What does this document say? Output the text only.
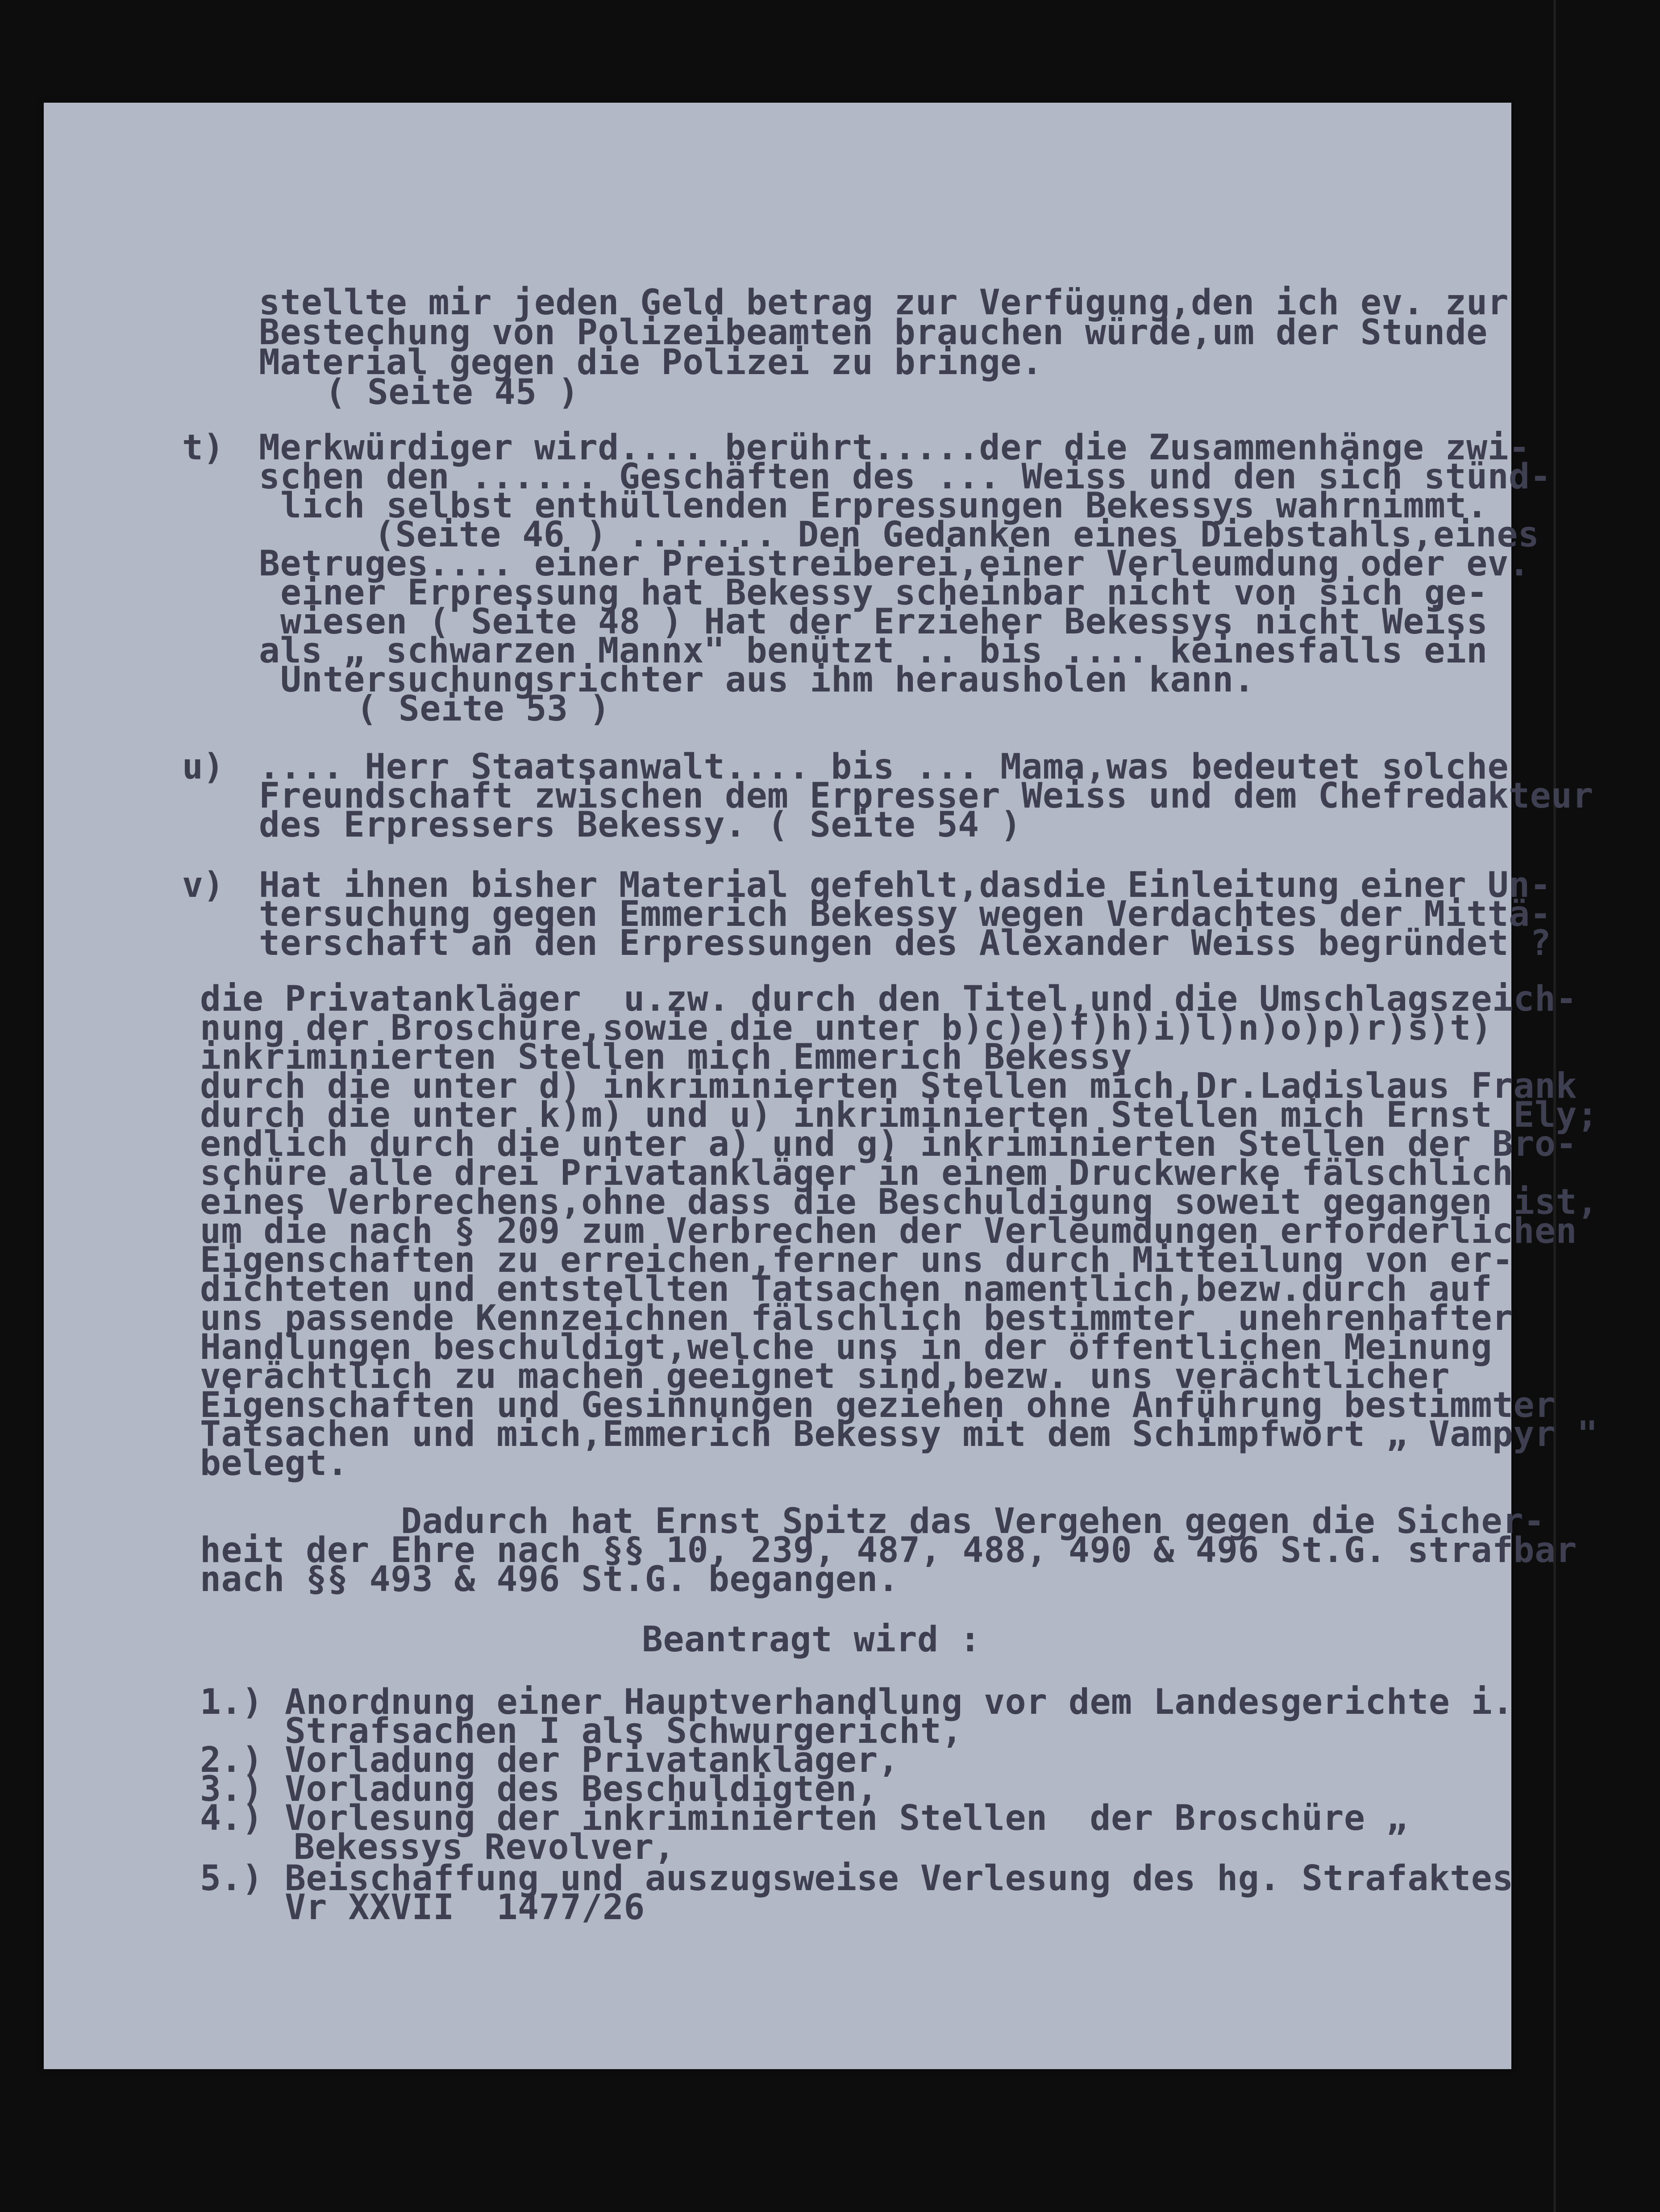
stellte mir jeden Geld betrag zur Verfügung,den ich ev. zur
Bestechung von Polizeibeamten brauchen würde,um der Stunde
Material gegen die Polizei zu bringe.
( Seite 45 )
t) Merkwürdiger wird.... berührt.....der die Zusammenhänge zwi-
schen den ...... Geschäften des ... Weiss und den sich stünd-
lich selbst enthüllenden Erpressungen Bekessys wahrnimmt.
(Seite 46 ) ....... Den Gedanken eines Diebstahls,eines
Betruges.... einer Preistreiberei,einer Verleumdung oder ev.
einer Erpressung hat Bekessy scheinbar nicht von sich ge-
wiesen ( Seite 48 ) Hat der Erzieher Bekessys nicht Weiss
als „ schwarzen Mannx" benützt .. bis .... keinesfalls ein
Untersuchungsrichter aus ihm herausholen kann.
( Seite 53 )
u) .... Herr Staatsanwalt.... bis ... Mama,was bedeutet solche
Freundschaft zwischen dem Erpresser Weiss und dem Chefredakteur
des Erpressers Bekessy. ( Seite 54 )
v) Hat ihnen bisher Material gefehlt,dasdie Einleitung einer Un-
tersuchung gegen Emmerich Bekessy wegen Verdachtes der Mittä-
terschaft an den Erpressungen des Alexander Weiss begründet ?
die Privatankläger  u.zw. durch den Titel,und die Umschlagszeich-
nung der Broschüre,sowie die unter b)c)e)f)h)i)l)n)o)p)r)s)t)
inkriminierten Stellen mich Emmerich Bekessy
durch die unter d) inkriminierten Stellen mich,Dr.Ladislaus Frank
durch die unter k)m) und u) inkriminierten Stellen mich Ernst Ely;
endlich durch die unter a) und g) inkriminierten Stellen der Bro-
schüre alle drei Privatankläger in einem Druckwerke fälschlich
eines Verbrechens,ohne dass die Beschuldigung soweit gegangen ist,
um die nach § 209 zum Verbrechen der Verleumdungen erforderlichen
Eigenschaften zu erreichen,ferner uns durch Mitteilung von er-
dichteten und entstellten Tatsachen namentlich,bezw.durch auf
uns passende Kennzeichnen fälschlich bestimmter  unehrenhafter
Handlungen beschuldigt,welche uns in der öffentlichen Meinung
verächtlich zu machen geeignet sind,bezw. uns verächtlicher
Eigenschaften und Gesinnungen geziehen ohne Anführung bestimmter
Tatsachen und mich,Emmerich Bekessy mit dem Schimpfwort „ Vampyr "
belegt.
Dadurch hat Ernst Spitz das Vergehen gegen die Sicher-
heit der Ehre nach §§ 10, 239, 487, 488, 490 & 496 St.G. strafbar
nach §§ 493 & 496 St.G. begangen.
Beantragt wird :
1.) Anordnung einer Hauptverhandlung vor dem Landesgerichte i.
Strafsachen I als Schwurgericht,
2.) Vorladung der Privatankläger,
3.) Vorladung des Beschuldigten,
4.) Vorlesung der inkriminierten Stellen  der Broschüre „
Bekessys Revolver,
5.) Beischaffung und auszugsweise Verlesung des hg. Strafaktes
Vr XXVII  1477/26
